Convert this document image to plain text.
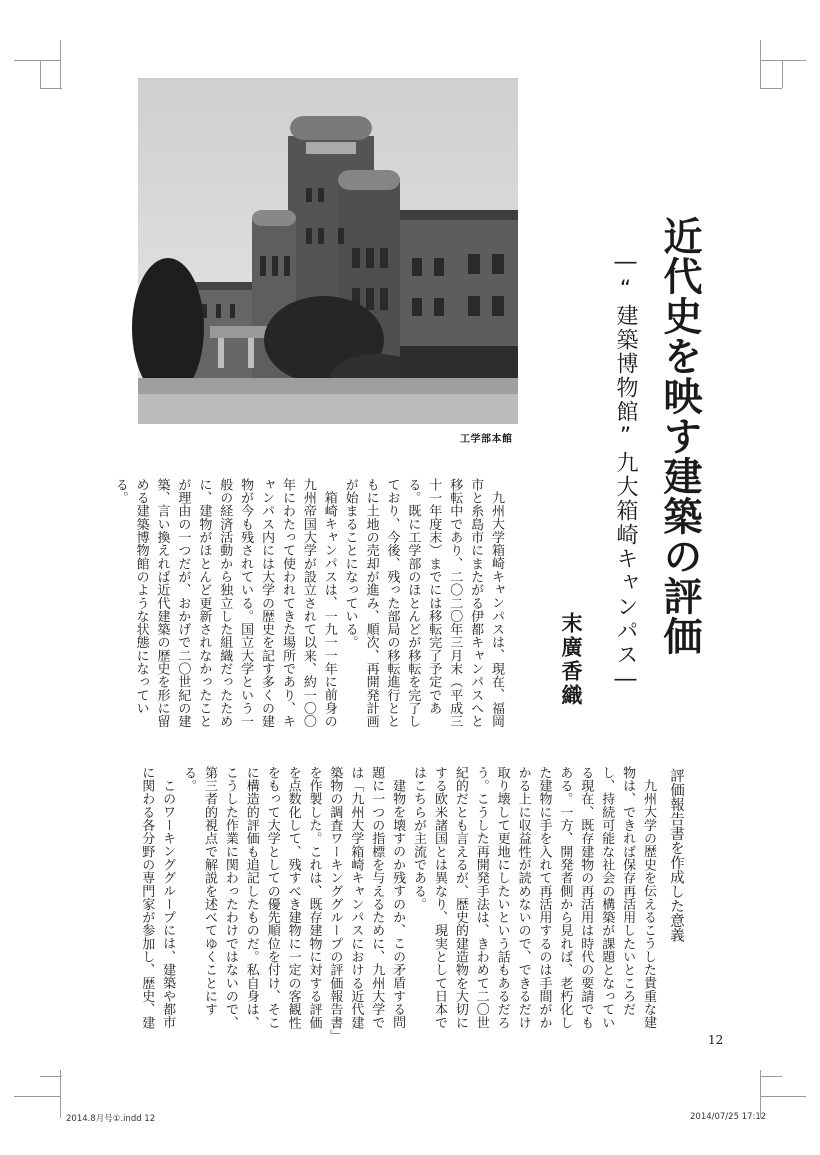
工学部本館	近代史を映す建築の評価
―“建築博物館”九大箱崎キャンパス―
末廣香織

九州大学箱崎キャンパスは、現在、福岡市と糸島市にまたがる伊都キャンパスへと移転中であり、二〇二〇年三月末（平成三十一年度末）までには移転完了予定である。既に工学部のほとんどが移転を完了しており、今後、残った部局の移転進行とともに土地の売却が進み、順次、再開発計画が始まることになっている。

箱崎キャンパスは、一九一一年に前身の九州帝国大学が設立されて以来、約一〇〇年にわたって使われてきた場所であり、キャンパス内には大学の歴史を記す多くの建物が今も残されている。国立大学という一般の経済活動から独立した組織だったために、建物がほとんど更新されなかったことが理由の一つだが、おかげで二〇世紀の建築、言い換えれば近代建築の歴史を形に留める建築博物館のような状態になっている。

評価報告書を作成した意義

九州大学の歴史を伝えるこうした貴重な建物は、できれば保存再活用したいところだし、持続可能な社会の構築が課題となっている現在、既存建物の再活用は時代の要請でもある。一方、開発者側から見れば、老朽化した建物に手を入れて再活用するのは手間がかかる上に収益性が読めないので、できるだけ取り壊して更地にしたいという話もあるだろう。こうした再開発手法は、きわめて二〇世紀的だとも言えるが、歴史的建造物を大切にする欧米諸国とは異なり、現実として日本ではこちらが主流である。

建物を壊すのか残すのか、この矛盾する問題に一つの指標を与えるために、九州大学では「九州大学箱崎キャンパスにおける近代建築物の調査ワーキンググループの評価報告書」を作製した。これは、既存建物に対する評価を点数化して、残すべき建物に一定の客観性をもって大学としての優先順位を付け、そこに構造的評価も追記したものだ。私自身は、こうした作業に関わったわけではないので、第三者的視点で解説を述べてゆくことにする。

このワーキンググループには、建築や都市に関わる各分野の専門家が参加し、歴史、建

12
2014.8月号①.indd 12	2014/07/25 17:12
